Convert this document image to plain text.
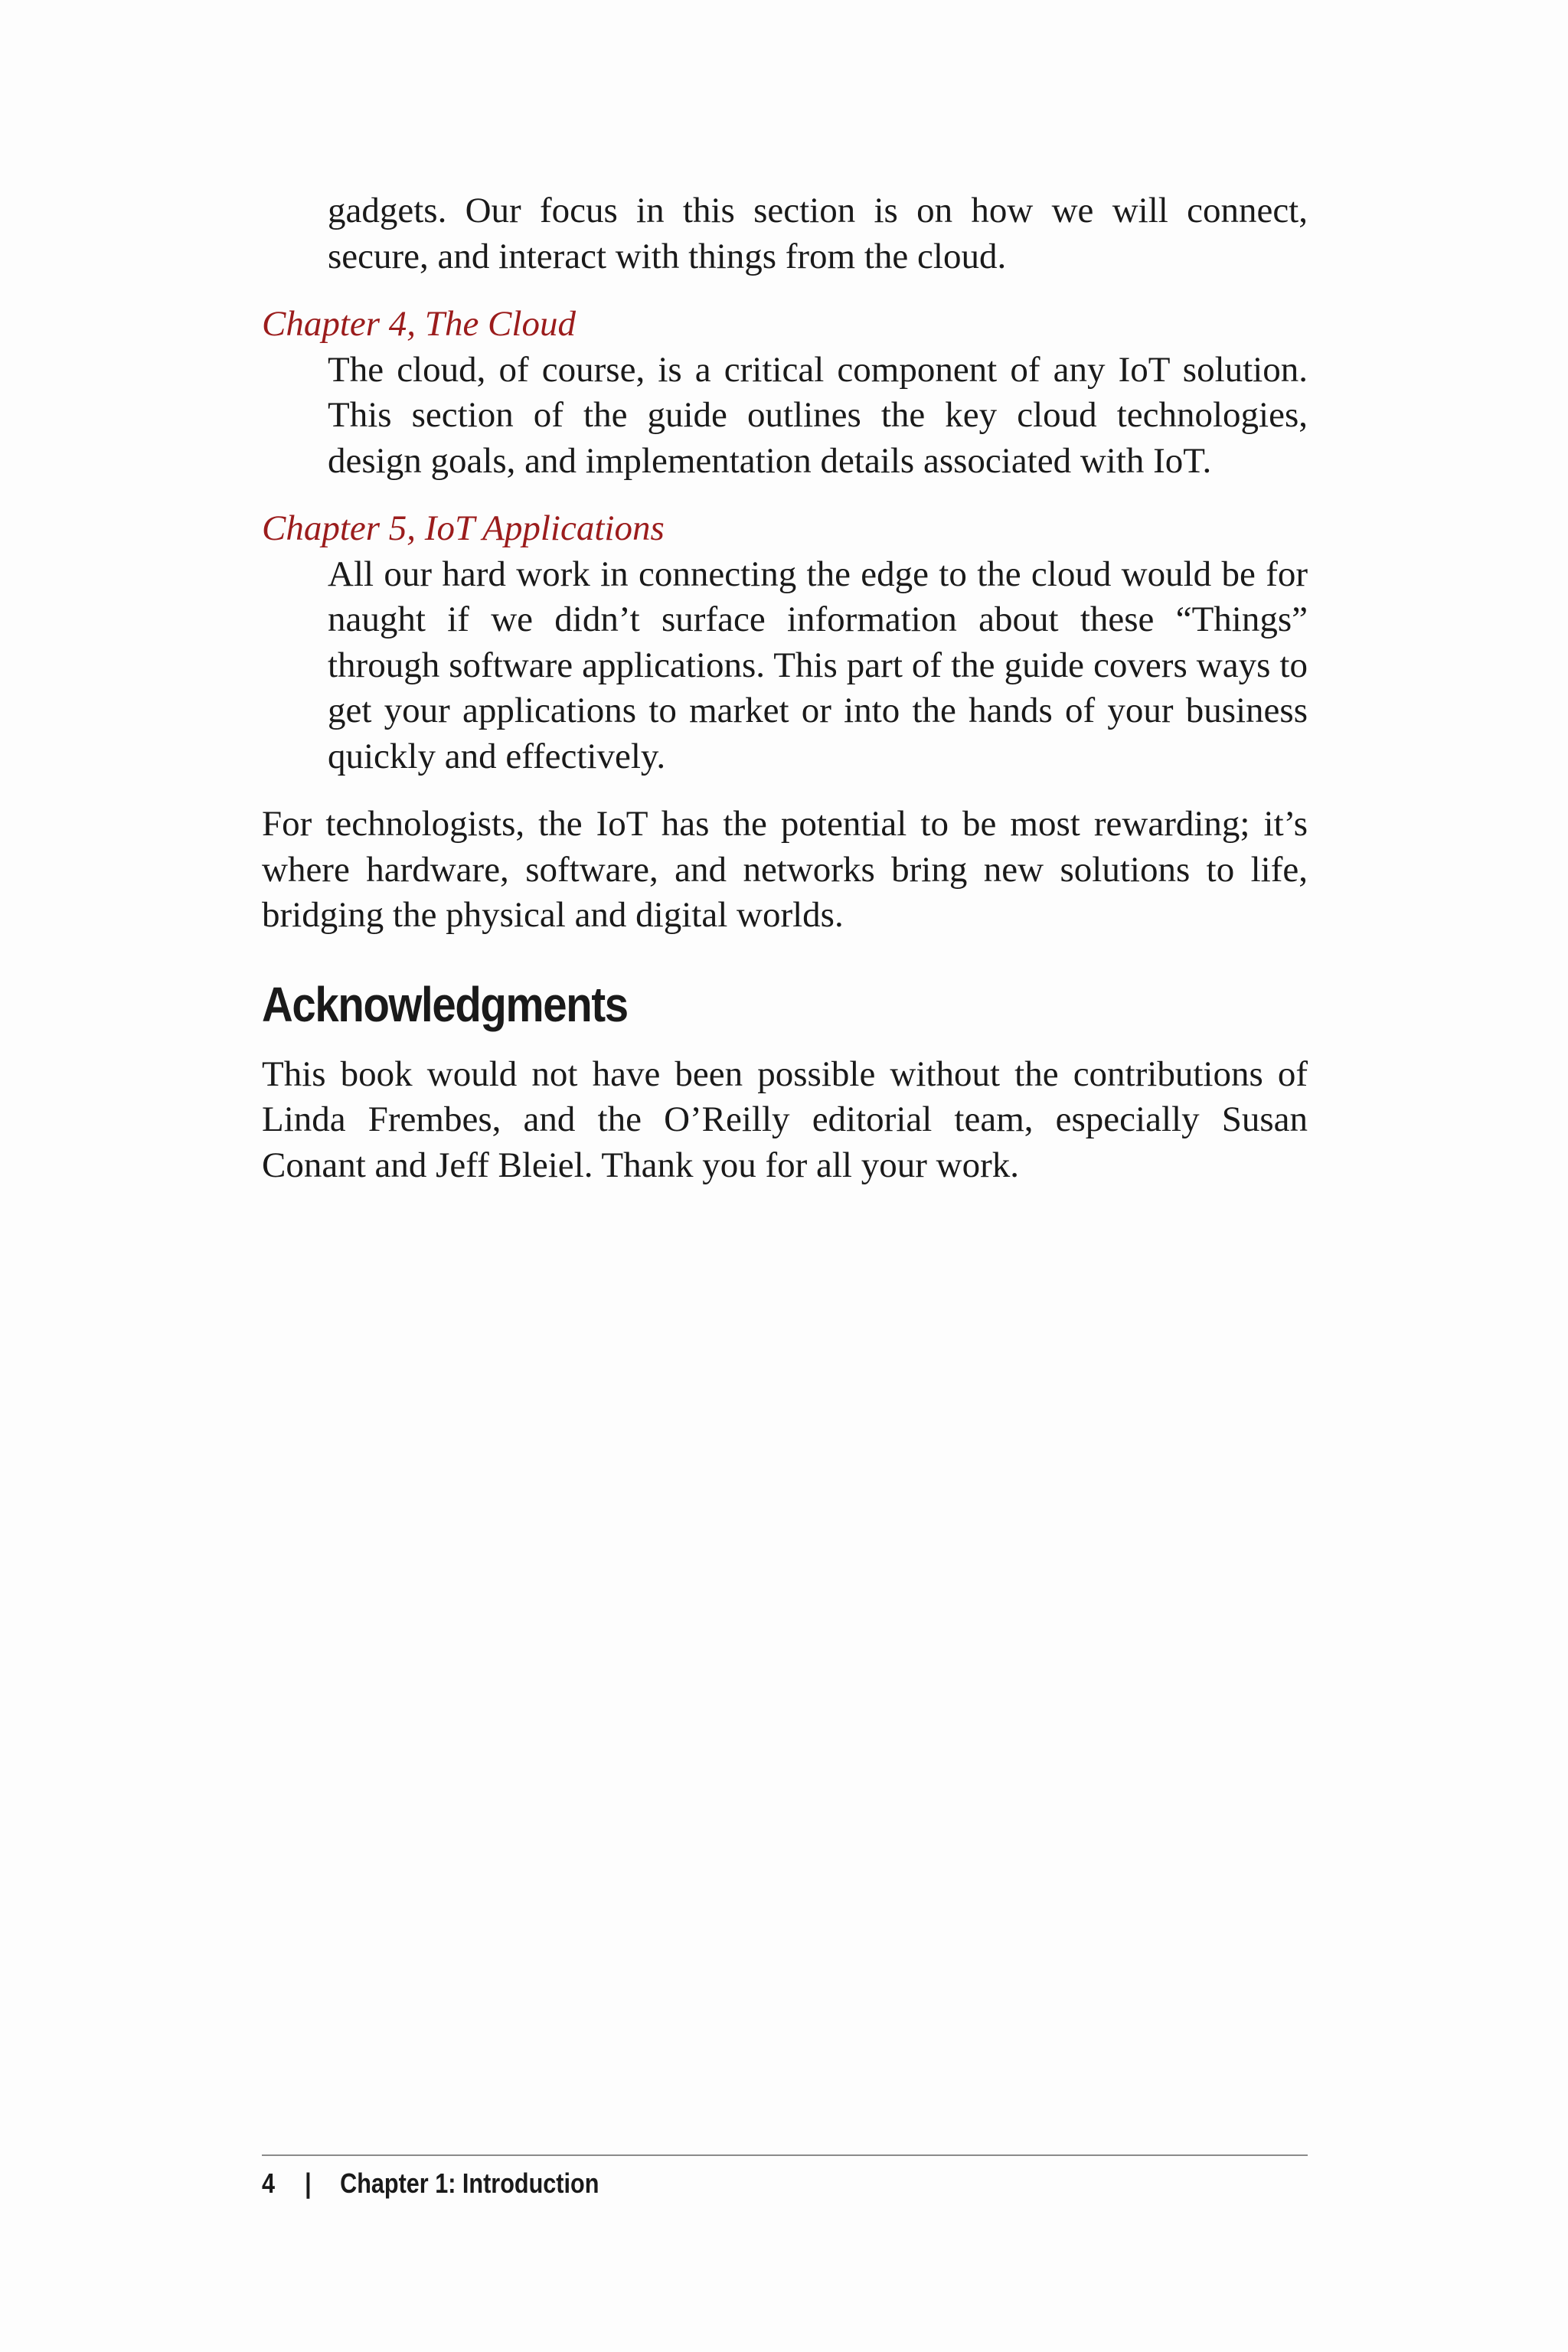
gadgets. Our focus in this section is on how we will connect, secure, and interact with things from the cloud.

Chapter 4, The Cloud

The cloud, of course, is a critical component of any IoT solution. This section of the guide outlines the key cloud technologies, design goals, and implementation details associated with IoT.

Chapter 5, IoT Applications

All our hard work in connecting the edge to the cloud would be for naught if we didn’t surface information about these “Things” through software applications. This part of the guide covers ways to get your applications to market or into the hands of your business quickly and effectively.

For technologists, the IoT has the potential to be most rewarding; it’s where hardware, software, and networks bring new solutions to life, bridging the physical and digital worlds.

Acknowledgments

This book would not have been possible without the contributions of Linda Frembes, and the O’Reilly editorial team, especially Susan Conant and Jeff Bleiel. Thank you for all your work.

4 | Chapter 1: Introduction
